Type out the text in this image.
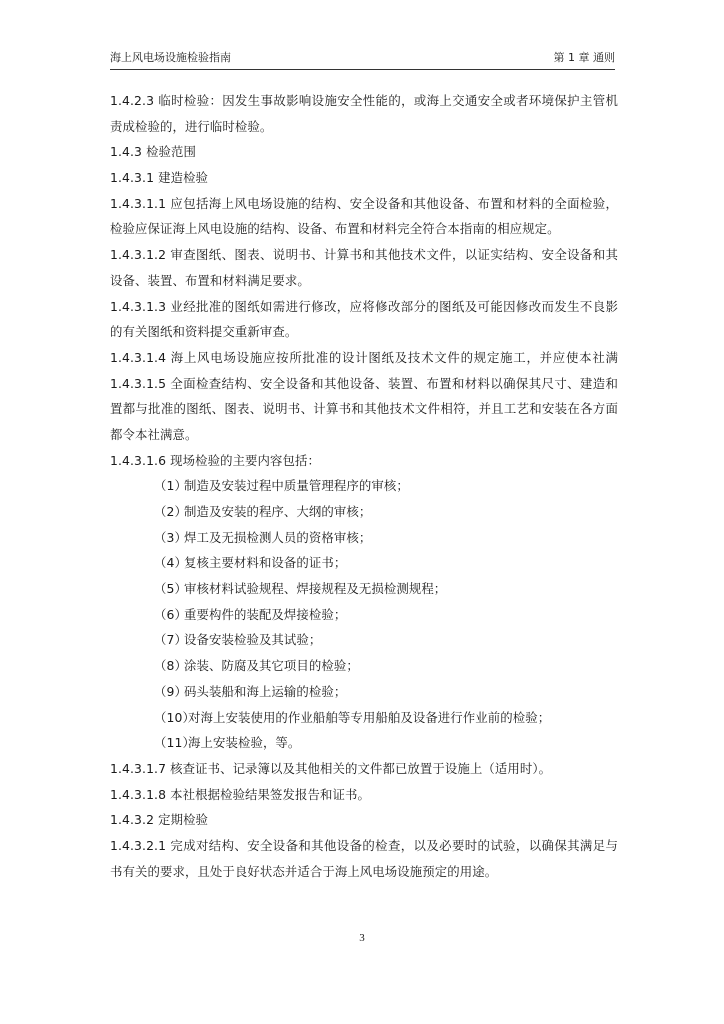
海上风电场设施检验指南	第 1 章 通则
1.4.2.3 临时检验：因发生事故影响设施安全性能的，或海上交通安全或者环境保护主管机
责成检验的，进行临时检验。
1.4.3 检验范围
1.4.3.1 建造检验
1.4.3.1.1 应包括海上风电场设施的结构、安全设备和其他设备、布置和材料的全面检验，
检验应保证海上风电设施的结构、设备、布置和材料完全符合本指南的相应规定。
1.4.3.1.2 审查图纸、图表、说明书、计算书和其他技术文件，以证实结构、安全设备和其
设备、装置、布置和材料满足要求。
1.4.3.1.3 业经批准的图纸如需进行修改，应将修改部分的图纸及可能因修改而发生不良影
的有关图纸和资料提交重新审查。
1.4.3.1.4 海上风电场设施应按所批准的设计图纸及技术文件的规定施工，并应使本社满
1.4.3.1.5 全面检查结构、安全设备和其他设备、装置、布置和材料以确保其尺寸、建造和
置都与批准的图纸、图表、说明书、计算书和其他技术文件相符，并且工艺和安装在各方面
都令本社满意。
1.4.3.1.6 现场检验的主要内容包括：
（1）制造及安装过程中质量管理程序的审核；
（2）制造及安装的程序、大纲的审核；
（3）焊工及无损检测人员的资格审核；
（4）复核主要材料和设备的证书；
（5）审核材料试验规程、焊接规程及无损检测规程；
（6）重要构件的装配及焊接检验；
（7）设备安装检验及其试验；
（8）涂装、防腐及其它项目的检验；
（9）码头装船和海上运输的检验；
（10）对海上安装使用的作业船舶等专用船舶及设备进行作业前的检验；
（11）海上安装检验，等。
1.4.3.1.7 核查证书、记录簿以及其他相关的文件都已放置于设施上（适用时）。
1.4.3.1.8 本社根据检验结果签发报告和证书。
1.4.3.2 定期检验
1.4.3.2.1 完成对结构、安全设备和其他设备的检查，以及必要时的试验，以确保其满足与
书有关的要求，且处于良好状态并适合于海上风电场设施预定的用途。
3
